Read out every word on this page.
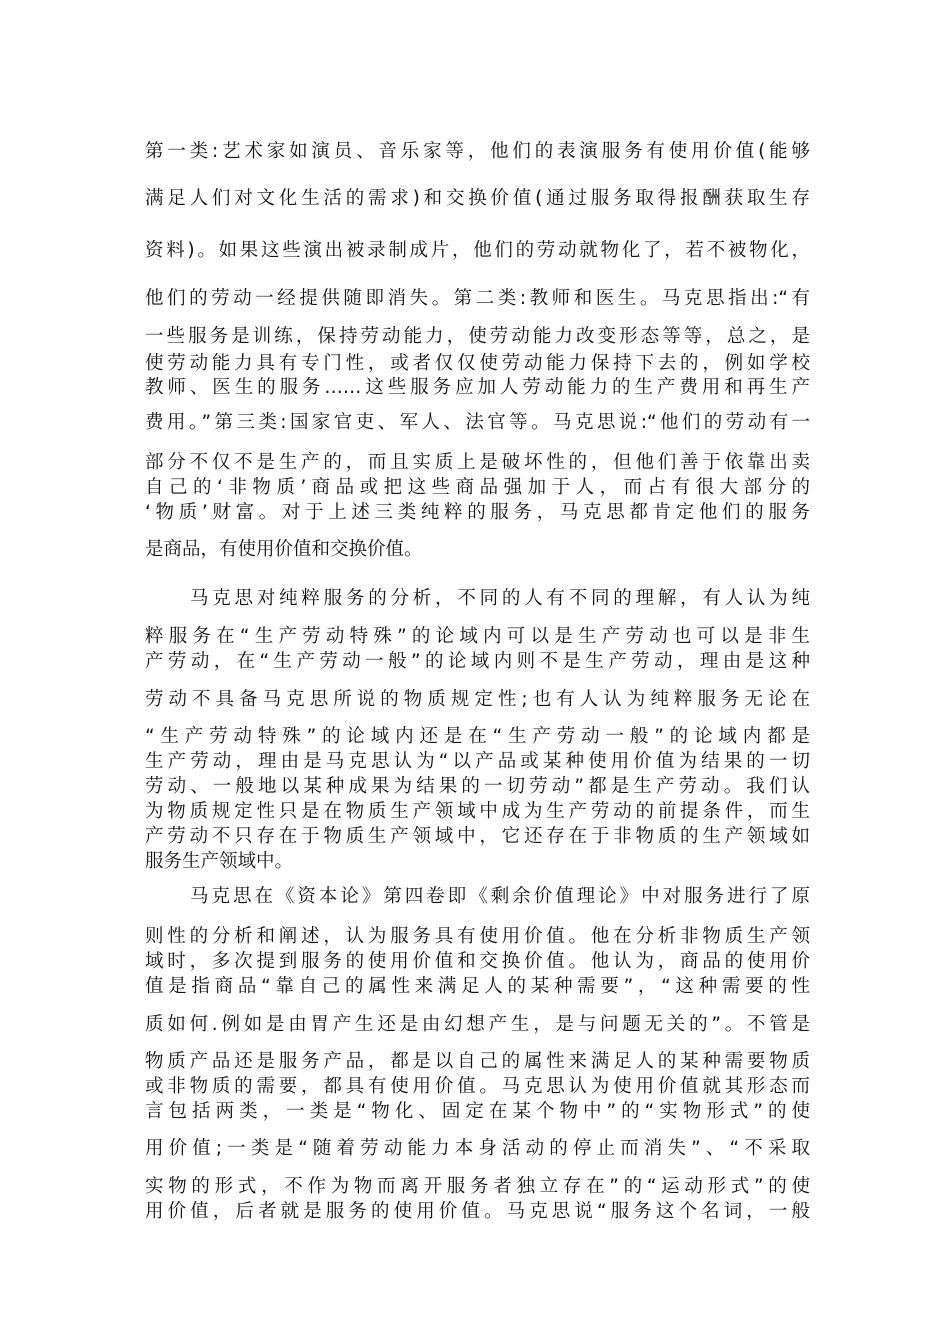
第一类:艺术家如演员、音乐家等，他们的表演服务有使用价值(能够
满足人们对文化生活的需求)和交换价值(通过服务取得报酬获取生存
资料)。如果这些演出被录制成片，他们的劳动就物化了，若不被物化，
他们的劳动一经提供随即消失。第二类:教师和医生。马克思指出:“有
一些服务是训练，保持劳动能力，使劳动能力改变形态等等，总之，是
使劳动能力具有专门性，或者仅仅使劳动能力保持下去的，例如学校
教师、医生的服务……这些服务应加人劳动能力的生产费用和再生产
费用。”第三类:国家官吏、军人、法官等。马克思说:“他们的劳动有一
部分不仅不是生产的，而且实质上是破坏性的，但他们善于依靠出卖
自己的‘非物质’商品或把这些商品强加于人，而占有很大部分的
‘物质’财富。对于上述三类纯粹的服务，马克思都肯定他们的服务
是商品，有使用价值和交换价值。
马克思对纯粹服务的分析，不同的人有不同的理解，有人认为纯
粹服务在“生产劳动特殊”的论域内可以是生产劳动也可以是非生
产劳动，在“生产劳动一般”的论域内则不是生产劳动，理由是这种
劳动不具备马克思所说的物质规定性;也有人认为纯粹服务无论在
“生产劳动特殊”的论域内还是在“生产劳动一般”的论域内都是
生产劳动，理由是马克思认为“以产品或某种使用价值为结果的一切
劳动、一般地以某种成果为结果的一切劳动”都是生产劳动。我们认
为物质规定性只是在物质生产领域中成为生产劳动的前提条件，而生
产劳动不只存在于物质生产领域中，它还存在于非物质的生产领域如
服务生产领域中。
马克思在《资本论》第四卷即《剩余价值理论》中对服务进行了原
则性的分析和阐述，认为服务具有使用价值。他在分析非物质生产领
域时，多次提到服务的使用价值和交换价值。他认为，商品的使用价
值是指商品“靠自己的属性来满足人的某种需要”，“这种需要的性
质如何.例如是由胃产生还是由幻想产生，是与问题无关的”。不管是
物质产品还是服务产品，都是以自己的属性来满足人的某种需要物质
或非物质的需要，都具有使用价值。马克思认为使用价值就其形态而
言包括两类，一类是“物化、固定在某个物中”的“实物形式”的使
用价值;一类是“随着劳动能力本身活动的停止而消失”、“不采取
实物的形式，不作为物而离开服务者独立存在”的“运动形式”的使
用价值，后者就是服务的使用价值。马克思说“服务这个名词，一般
